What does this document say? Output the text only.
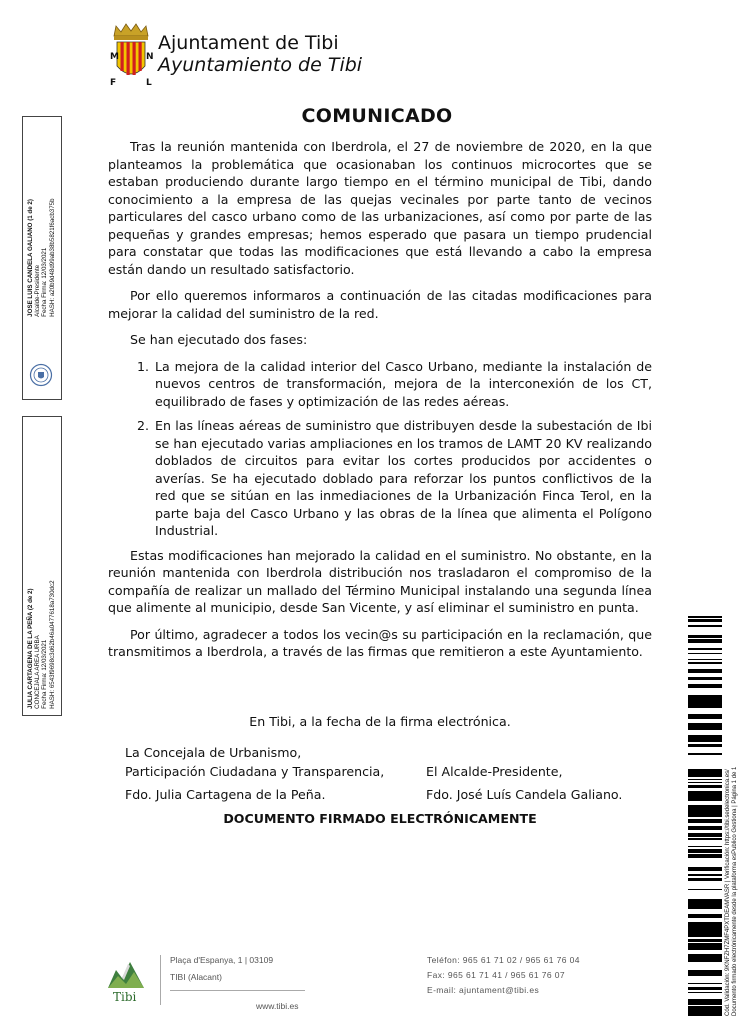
M	N
F	L
Ajuntament de Tibi
Ayuntamiento de Tibi
JOSE LUIS CANDELA GALIANO (1 de 2) Alcalde-Presidente Fecha Firma: 12/03/2021 HASH: a20b9d48d99ab38b5821f6acb375b
JULIA CARTAGENA DE LA PEÑA (2 de 2) CONCEJALA AREA URBA Fecha Firma: 12/03/2021 HASH: 6543f9698c3d62b46a0477618a730dc2
COMUNICADO

Tras la reunión mantenida con Iberdrola, el 27 de noviembre de 2020, en la que planteamos la problemática que ocasionaban los continuos microcortes que se estaban produciendo durante largo tiempo en el término municipal de Tibi, dando conocimiento a la empresa de las quejas vecinales por parte tanto de vecinos particulares del casco urbano como de las urbanizaciones, así como por parte de las pequeñas y grandes empresas; hemos esperado que pasara un tiempo prudencial para constatar que todas las modificaciones que está llevando a cabo la empresa están dando un resultado satisfactorio.

Por ello queremos informaros a continuación de las citadas modificaciones para mejorar la calidad del suministro de la red.

Se han ejecutado dos fases:

1. La mejora de la calidad interior del Casco Urbano, mediante la instalación de nuevos centros de transformación, mejora de la interconexión de los CT, equilibrado de fases y optimización de las redes aéreas.
2. En las líneas aéreas de suministro que distribuyen desde la subestación de Ibi se han ejecutado varias ampliaciones en los tramos de LAMT 20 KV realizando doblados de circuitos para evitar los cortes producidos por accidentes o averías. Se ha ejecutado doblado para reforzar los puntos conflictivos de la red que se sitúan en las inmediaciones de la Urbanización Finca Terol, en la parte baja del Casco Urbano y las obras de la línea que alimenta el Polígono Industrial.

Estas modificaciones han mejorado la calidad en el suministro. No obstante, en la reunión mantenida con Iberdrola distribución nos trasladaron el compromiso de la compañía de realizar un mallado del Término Municipal instalando una segunda línea que alimente al municipio, desde San Vicente, y así eliminar el suministro en punta.

Por último, agradecer a todos los vecin@s su participación en la reclamación, que transmitimos a Iberdrola, a través de las firmas que remitieron a este Ayuntamiento.

En Tibi, a la fecha de la firma electrónica.
La Concejala de Urbanismo,
Participación Ciudadana y Transparencia,	El Alcalde-Presidente,
Fdo. Julia Cartagena de la Peña.	Fdo. José Luís Candela Galiano.
DOCUMENTO FIRMADO ELECTRÓNICAMENTE	Cód. Validación: 9KNFZH7ZMF4PXTDEAMVASR | Verificación: https://tibi.sedelectronica.es/ Documento firmado electrónicamente desde la plataforma esPublico Gestiona | Página 1 de 1
Tibi
Plaça d'Espanya, 1 | 03109
TIBI (Alacant)
www.tibi.es
Teléfon: 965 61 71 02 / 965 61 76 04
Fax: 965 61 71 41 / 965 61 76 07
E-mail: ajuntament@tibi.es
